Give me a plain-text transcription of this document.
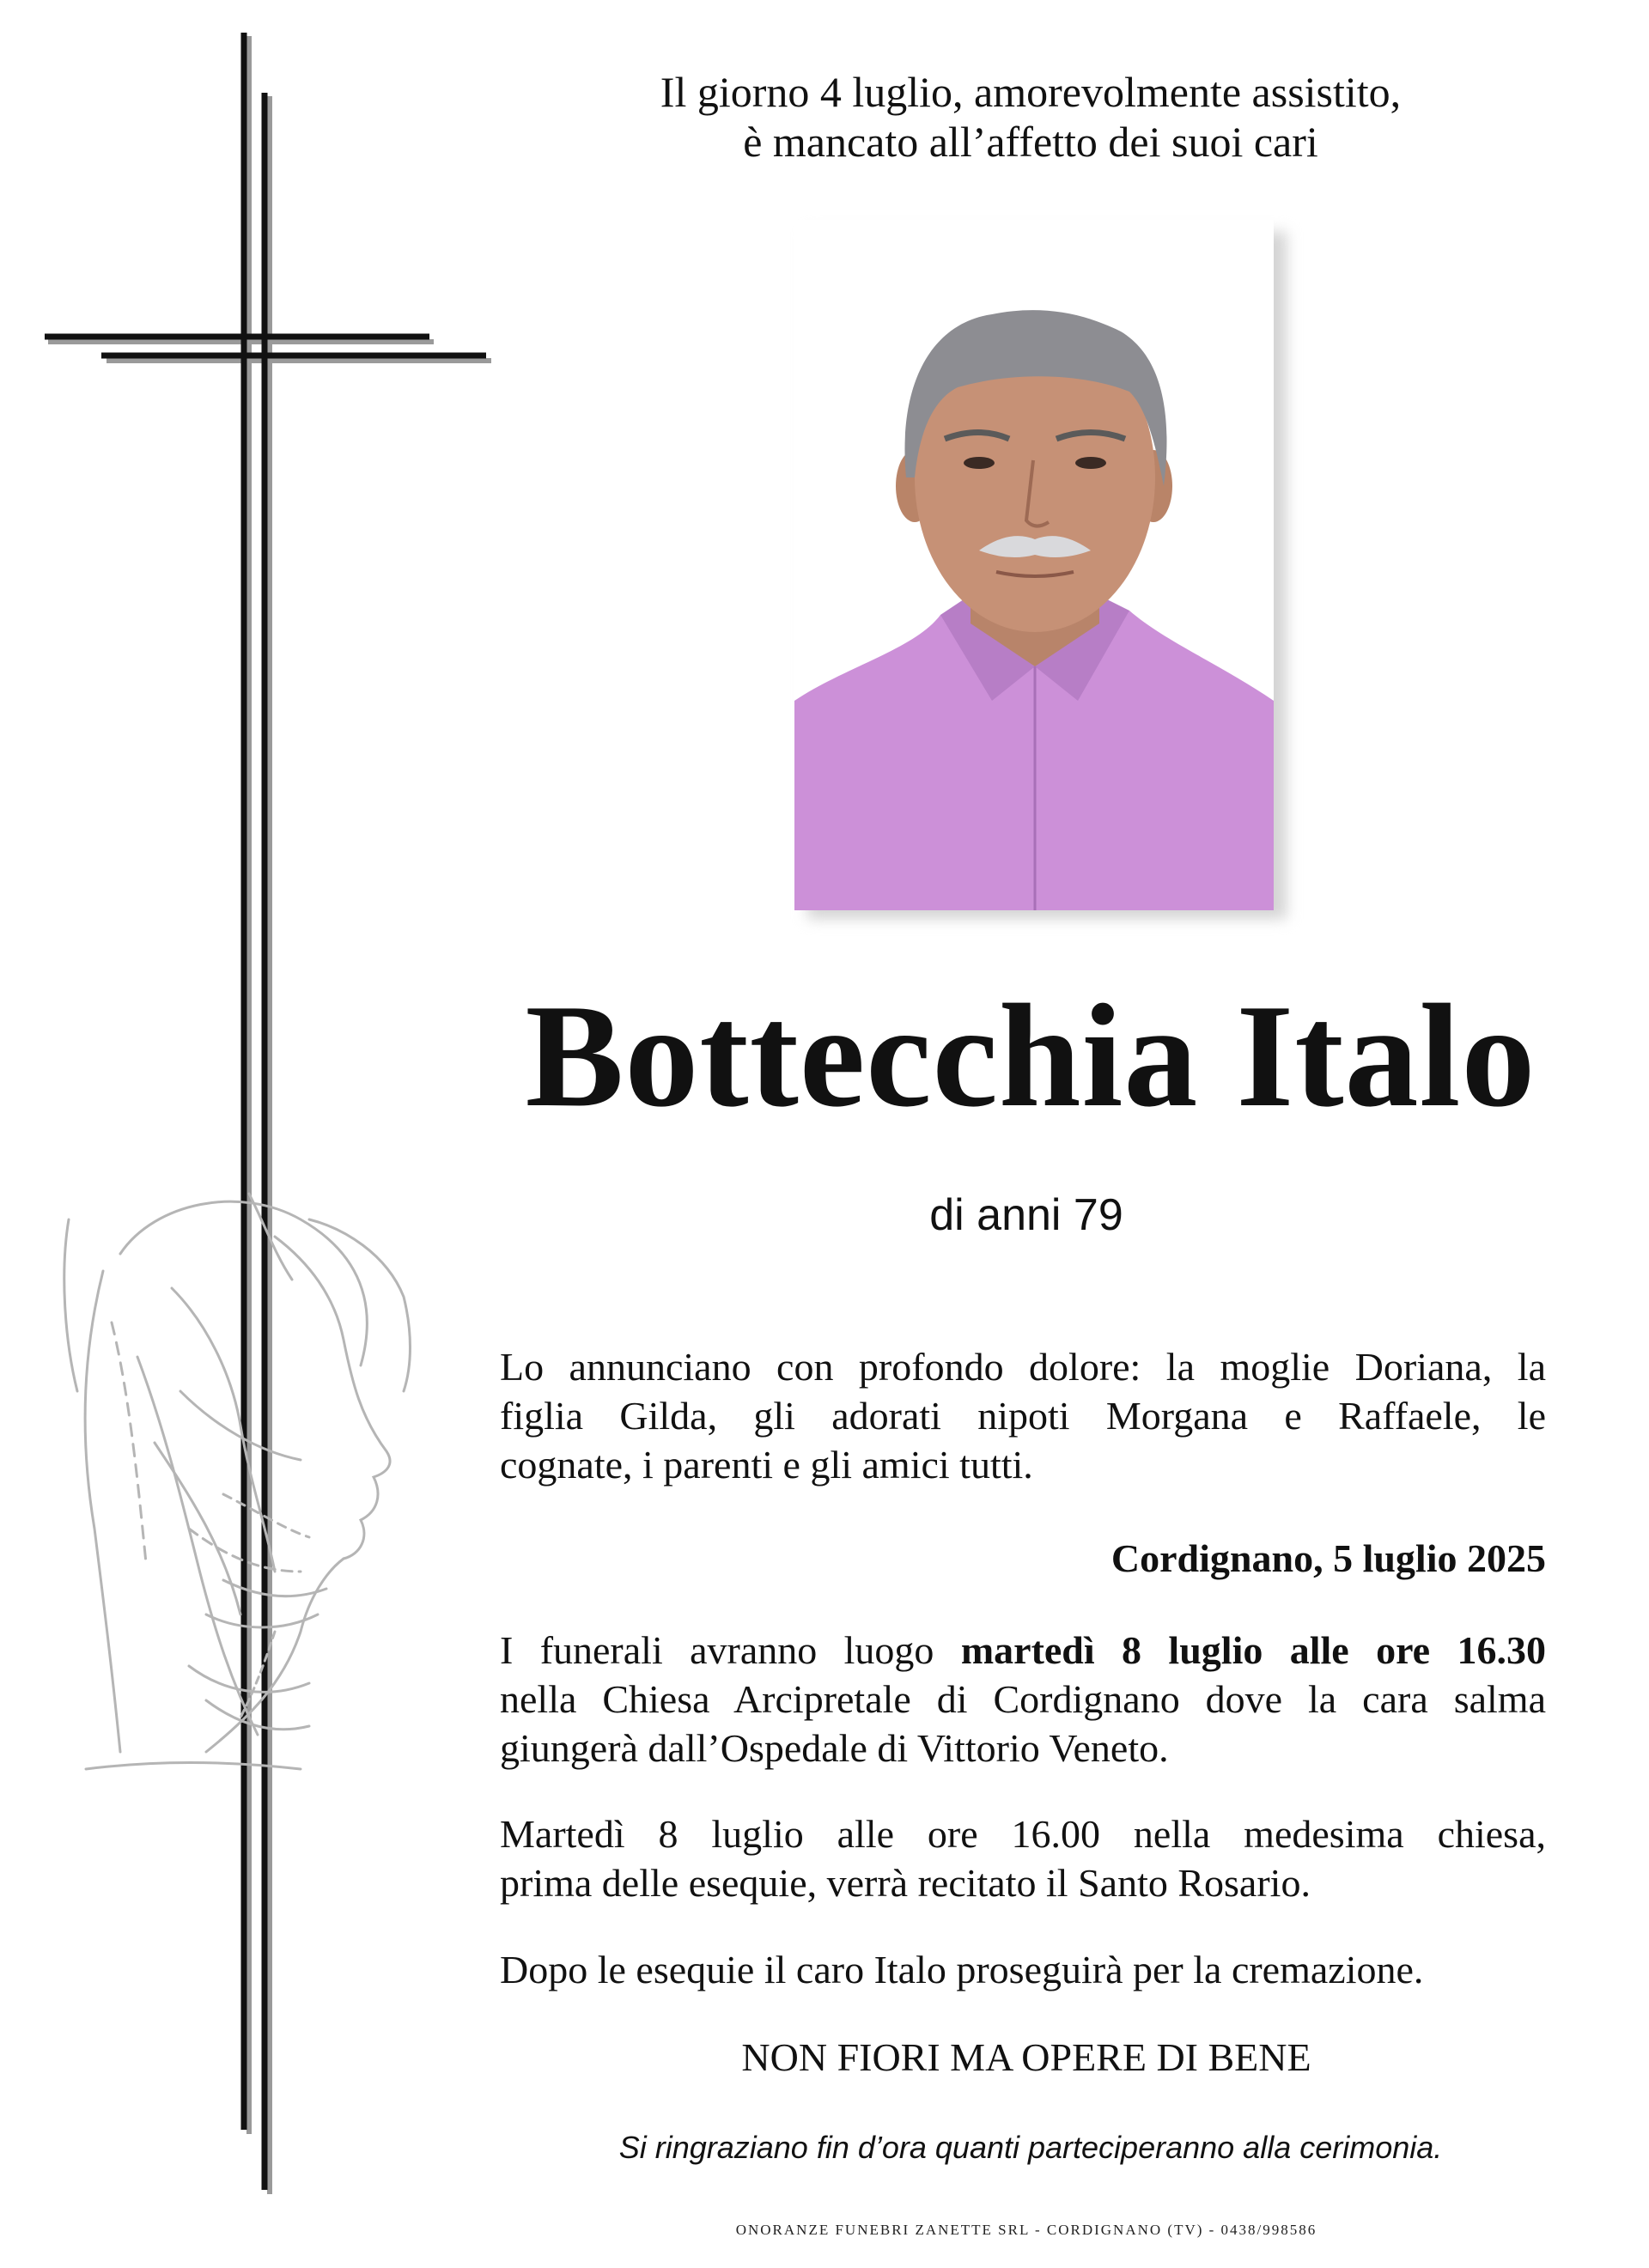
Il giorno 4 luglio, amorevolmente assistito,
è mancato all’affetto dei suoi cari
Bottecchia Italo
di anni 79
Lo annunciano con profondo dolore: la moglie Doriana, la
figlia Gilda, gli adorati nipoti Morgana e Raffaele, le
cognate, i parenti e gli amici tutti.
Cordignano, 5 luglio 2025
I funerali avranno luogo martedì 8 luglio alle ore 16.30
nella Chiesa Arcipretale di Cordignano dove la cara salma
giungerà dall’Ospedale di Vittorio Veneto.
Martedì 8 luglio alle ore 16.00 nella medesima chiesa,
prima delle esequie, verrà recitato il Santo Rosario.
Dopo le esequie il caro Italo proseguirà per la cremazione.
NON FIORI MA OPERE DI BENE
Si ringraziano fin d’ora quanti parteciperanno alla cerimonia.
ONORANZE FUNEBRI ZANETTE SRL - CORDIGNANO (TV) - 0438/998586
